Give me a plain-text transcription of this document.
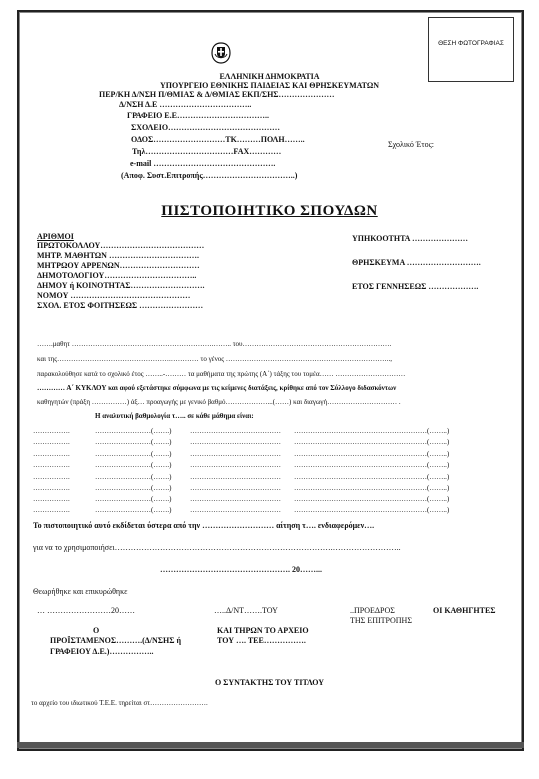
ΘΕΣΗ ΦΩΤΟΓΡΑΦΙΑΣ
ΕΛΛΗΝΙΚΗ ΔΗΜΟΚΡΑΤΙΑ
ΥΠΟΥΡΓΕΙΟ ΕΘΝΙΚΗΣ ΠΑΙΔΕΙΑΣ ΚΑΙ ΘΡΗΣΚΕΥΜΑΤΩΝ
ΠΕΡ/ΚΗ Δ/ΝΣΗ Π/ΘΜΙΑΣ & Δ/ΘΜΙΑΣ ΕΚΠ/ΣΗΣ…………………
Δ/ΝΣΗ Δ.Ε ……………………………..
ΓΡΑΦΕΙΟ Ε.Ε……………………………..
ΣΧΟΛΕΙΟ……………………………………
ΟΔΟΣ………………………ΤΚ………ΠΟΛΗ……..
Τηλ……………………………FAX…………
e-mail ……………………………………….
(Αποφ. Συστ.Επιτροπής……………………………..)
Σχολικό Έτος:
ΠΙΣΤΟΠΟΙΗΤΙΚΟ ΣΠΟΥΔΩΝ
ΑΡΙΘΜΟΙ
ΠΡΩΤΟΚΟΛΛΟΥ…………………………………
ΜΗΤΡ. ΜΑΘΗΤΩΝ …………………………….
ΜΗΤΡΩΟΥ ΑΡΡΕΝΩΝ…………………………
ΔΗΜΟΤΟΛΟΓΙΟΥ……………………………..
ΔΗΜΟΥ ή ΚΟΙΝΟΤΗΤΑΣ……………………….
ΝΟΜΟΥ ………………………………………
ΣΧΟΛ. ΕΤΟΣ ΦΟΙΤΗΣΕΩΣ ……………………
ΥΠΗΚΟΟΤΗΤΑ …………………
ΘΡΗΣΚΕΥΜΑ ……………………….
ΕΤΟΣ ΓΕΝΝΗΣΕΩΣ ……………….
…….μαθητ …………………………………………………….…….. του……………………………………………………….
και της………………………………………….………… το γένος ……………………………………………………………..,
παρακολούθησε κατά το σχολικό έτος ……..-……… τα μαθήματα της πρώτης (Α΄) τάξης του τομέα…… …………………………
………… Α΄ ΚΥΚΛΟΥ και αφού εξετάστηκε σύμφωνα με τις κείμενες διατάξεις, κρίθηκε από τον Σύλλογο διδασκόντων
καθηγητών (πράξη ……………) άξ… προαγωγής με γενικό βαθμό………………...(……) και διαγωγή………………………… .
Η αναλυτική βαθμολογία τ….. σε κάθε μάθημα είναι:
…………….	……………………(…….)	………………………………… …………………………………………………(……..)
…………….	……………………(…….)	………………………………… …………………………………………………(……..)
…………….	……………………(…….)	………………………………… …………………………………………………(……..)
…………….	……………………(…….)	………………………………… …………………………………………………(……..)
…………….	……………………(…….)	………………………………… …………………………………………………(……..)
…………….	……………………(…….)	………………………………… …………………………………………………(……..)
…………….	……………………(…….)	………………………………… …………………………………………………(……..)
…………….	……………………(…….)	………………………………… …………………………………………………(……..)
Το πιστοποιητικό αυτό εκδίδεται ύστερα από την ……………………… αίτηση τ…. ενδιαφερόμεν….
για να το χρησιμοποιήσει……………………………………………………………………….……………………..
…………………………………………. 20……...
Θεωρήθηκε και επικυρώθηκε
… ……………………20……	…..Δ/ΝΤ…….ΤΟΥ	..ΠΡΟΕΔΡΟΣ
ΤΗΣ ΕΠΙΤΡΟΠΗΣ
ΟΙ ΚΑΘΗΓΗΤΕΣ
Ο
ΠΡΟΪΣΤΑΜΕΝΟΣ……….(Δ/ΝΣΗΣ ή
ΓΡΑΦΕΙΟΥ Δ.Ε.)……………..
ΚΑΙ ΤΗΡΩΝ ΤΟ ΑΡΧΕΙΟ
ΤΟΥ …. ΤΕΕ…………….
Ο ΣΥΝΤΑΚΤΗΣ ΤΟΥ ΤΙΤΛΟΥ
το αρχείο του ιδιωτικού Τ.Ε.Ε. τηρείται στ…………………….
